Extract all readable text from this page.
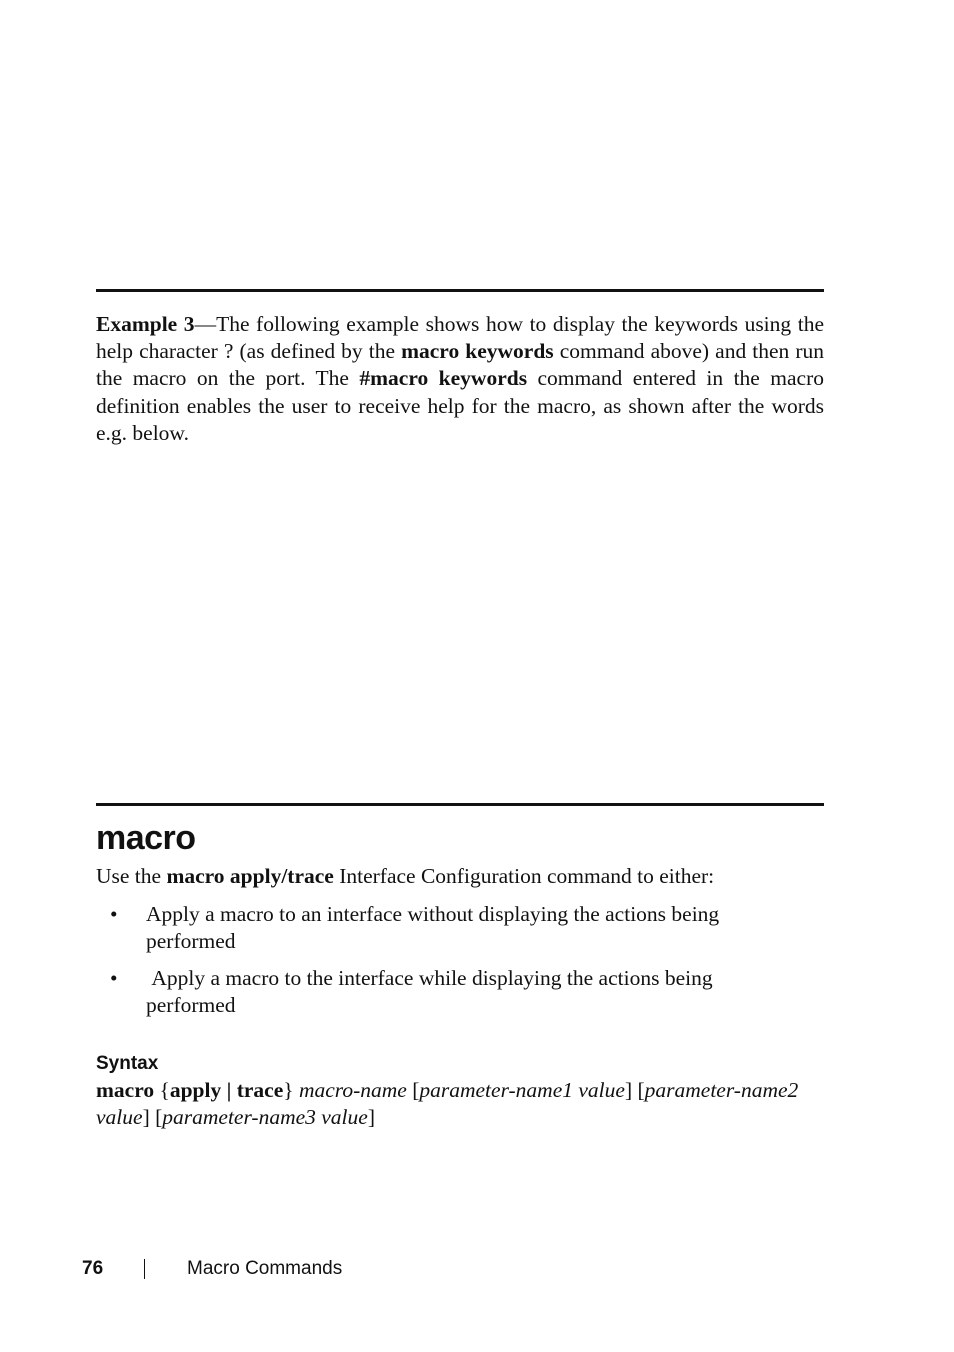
Example 3—The following example shows how to display the keywords using the help character ? (as defined by the macro keywords command above) and then run the macro on the port. The #macro keywords command entered in the macro definition enables the user to receive help for the macro, as shown after the words e.g. below.

macro

Use the macro apply/trace Interface Configuration command to either:

• Apply a macro to an interface without displaying the actions being performed
• Apply a macro to the interface while displaying the actions being performed
Syntax
macro {apply | trace} macro-name [parameter-name1 value] [parameter-name2 value] [parameter-name3 value]
76	Macro Commands
